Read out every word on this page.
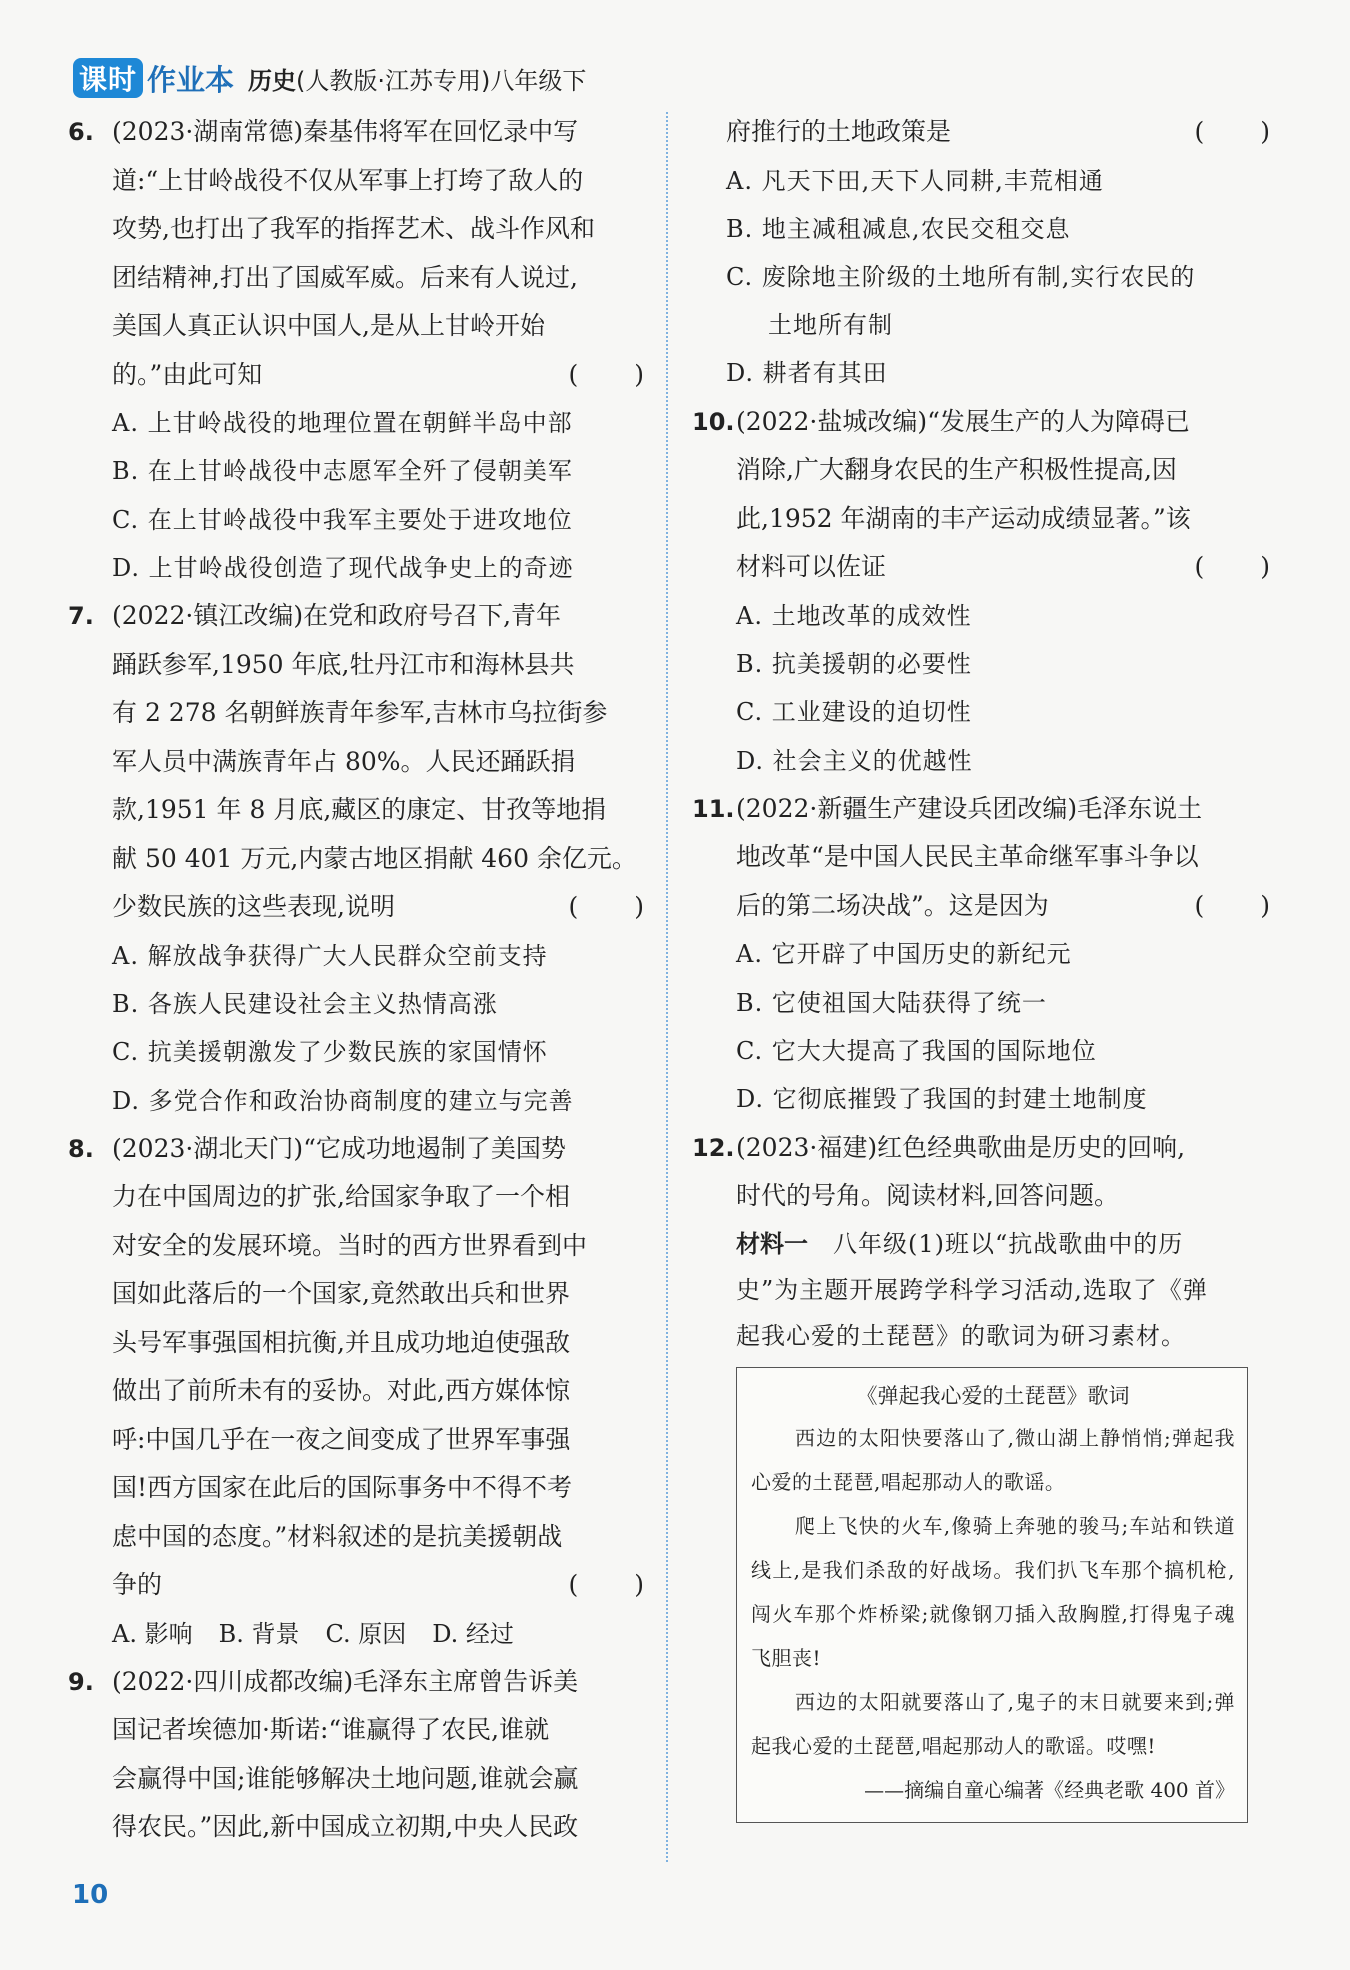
课时 作业本 历史(人教版·江苏专用)八年级下
6. (2023·湖南常德)秦基伟将军在回忆录中写
道:“上甘岭战役不仅从军事上打垮了敌人的
攻势,也打出了我军的指挥艺术、战斗作风和
团结精神,打出了国威军威。后来有人说过,
美国人真正认识中国人,是从上甘岭开始
的。”由此可知	(　　)
A. 上甘岭战役的地理位置在朝鲜半岛中部
B. 在上甘岭战役中志愿军全歼了侵朝美军
C. 在上甘岭战役中我军主要处于进攻地位
D. 上甘岭战役创造了现代战争史上的奇迹
7. (2022·镇江改编)在党和政府号召下,青年
踊跃参军,1950 年底,牡丹江市和海林县共
有 2 278 名朝鲜族青年参军,吉林市乌拉街参
军人员中满族青年占 80%。人民还踊跃捐
款,1951 年 8 月底,藏区的康定、甘孜等地捐
献 50 401 万元,内蒙古地区捐献 460 余亿元。
少数民族的这些表现,说明	(　　)
A. 解放战争获得广大人民群众空前支持
B. 各族人民建设社会主义热情高涨
C. 抗美援朝激发了少数民族的家国情怀
D. 多党合作和政治协商制度的建立与完善
8. (2023·湖北天门)“它成功地遏制了美国势
力在中国周边的扩张,给国家争取了一个相
对安全的发展环境。当时的西方世界看到中
国如此落后的一个国家,竟然敢出兵和世界
头号军事强国相抗衡,并且成功地迫使强敌
做出了前所未有的妥协。对此,西方媒体惊
呼:中国几乎在一夜之间变成了世界军事强
国!西方国家在此后的国际事务中不得不考
虑中国的态度。”材料叙述的是抗美援朝战
争的	(　　)
A. 影响 B. 背景 C. 原因 D. 经过
9. (2022·四川成都改编)毛泽东主席曾告诉美
国记者埃德加·斯诺:“谁赢得了农民,谁就
会赢得中国;谁能够解决土地问题,谁就会赢
得农民。”因此,新中国成立初期,中央人民政
府推行的土地政策是	(　　)
A. 凡天下田,天下人同耕,丰荒相通
B. 地主减租减息,农民交租交息
C. 废除地主阶级的土地所有制,实行农民的
土地所有制
D. 耕者有其田
10. (2022·盐城改编)“发展生产的人为障碍已
消除,广大翻身农民的生产积极性提高,因
此,1952 年湖南的丰产运动成绩显著。”该
材料可以佐证	(　　)
A. 土地改革的成效性
B. 抗美援朝的必要性
C. 工业建设的迫切性
D. 社会主义的优越性
11. (2022·新疆生产建设兵团改编)毛泽东说土
地改革“是中国人民民主革命继军事斗争以
后的第二场决战”。这是因为	(　　)
A. 它开辟了中国历史的新纪元
B. 它使祖国大陆获得了统一
C. 它大大提高了我国的国际地位
D. 它彻底摧毁了我国的封建土地制度
12. (2023·福建)红色经典歌曲是历史的回响,
时代的号角。阅读材料,回答问题。
材料一　八年级(1)班以“抗战歌曲中的历
史”为主题开展跨学科学习活动,选取了《弹
起我心爱的土琵琶》的歌词为研习素材。
《弹起我心爱的土琵琶》歌词
西边的太阳快要落山了,微山湖上静悄悄;弹起我心爱的土琵琶,唱起那动人的歌谣。
爬上飞快的火车,像骑上奔驰的骏马;车站和铁道线上,是我们杀敌的好战场。我们扒飞车那个搞机枪,闯火车那个炸桥梁;就像钢刀插入敌胸膛,打得鬼子魂飞胆丧!
西边的太阳就要落山了,鬼子的末日就要来到;弹起我心爱的土琵琶,唱起那动人的歌谣。哎嘿!
——摘编自童心编著《经典老歌 400 首》
10
